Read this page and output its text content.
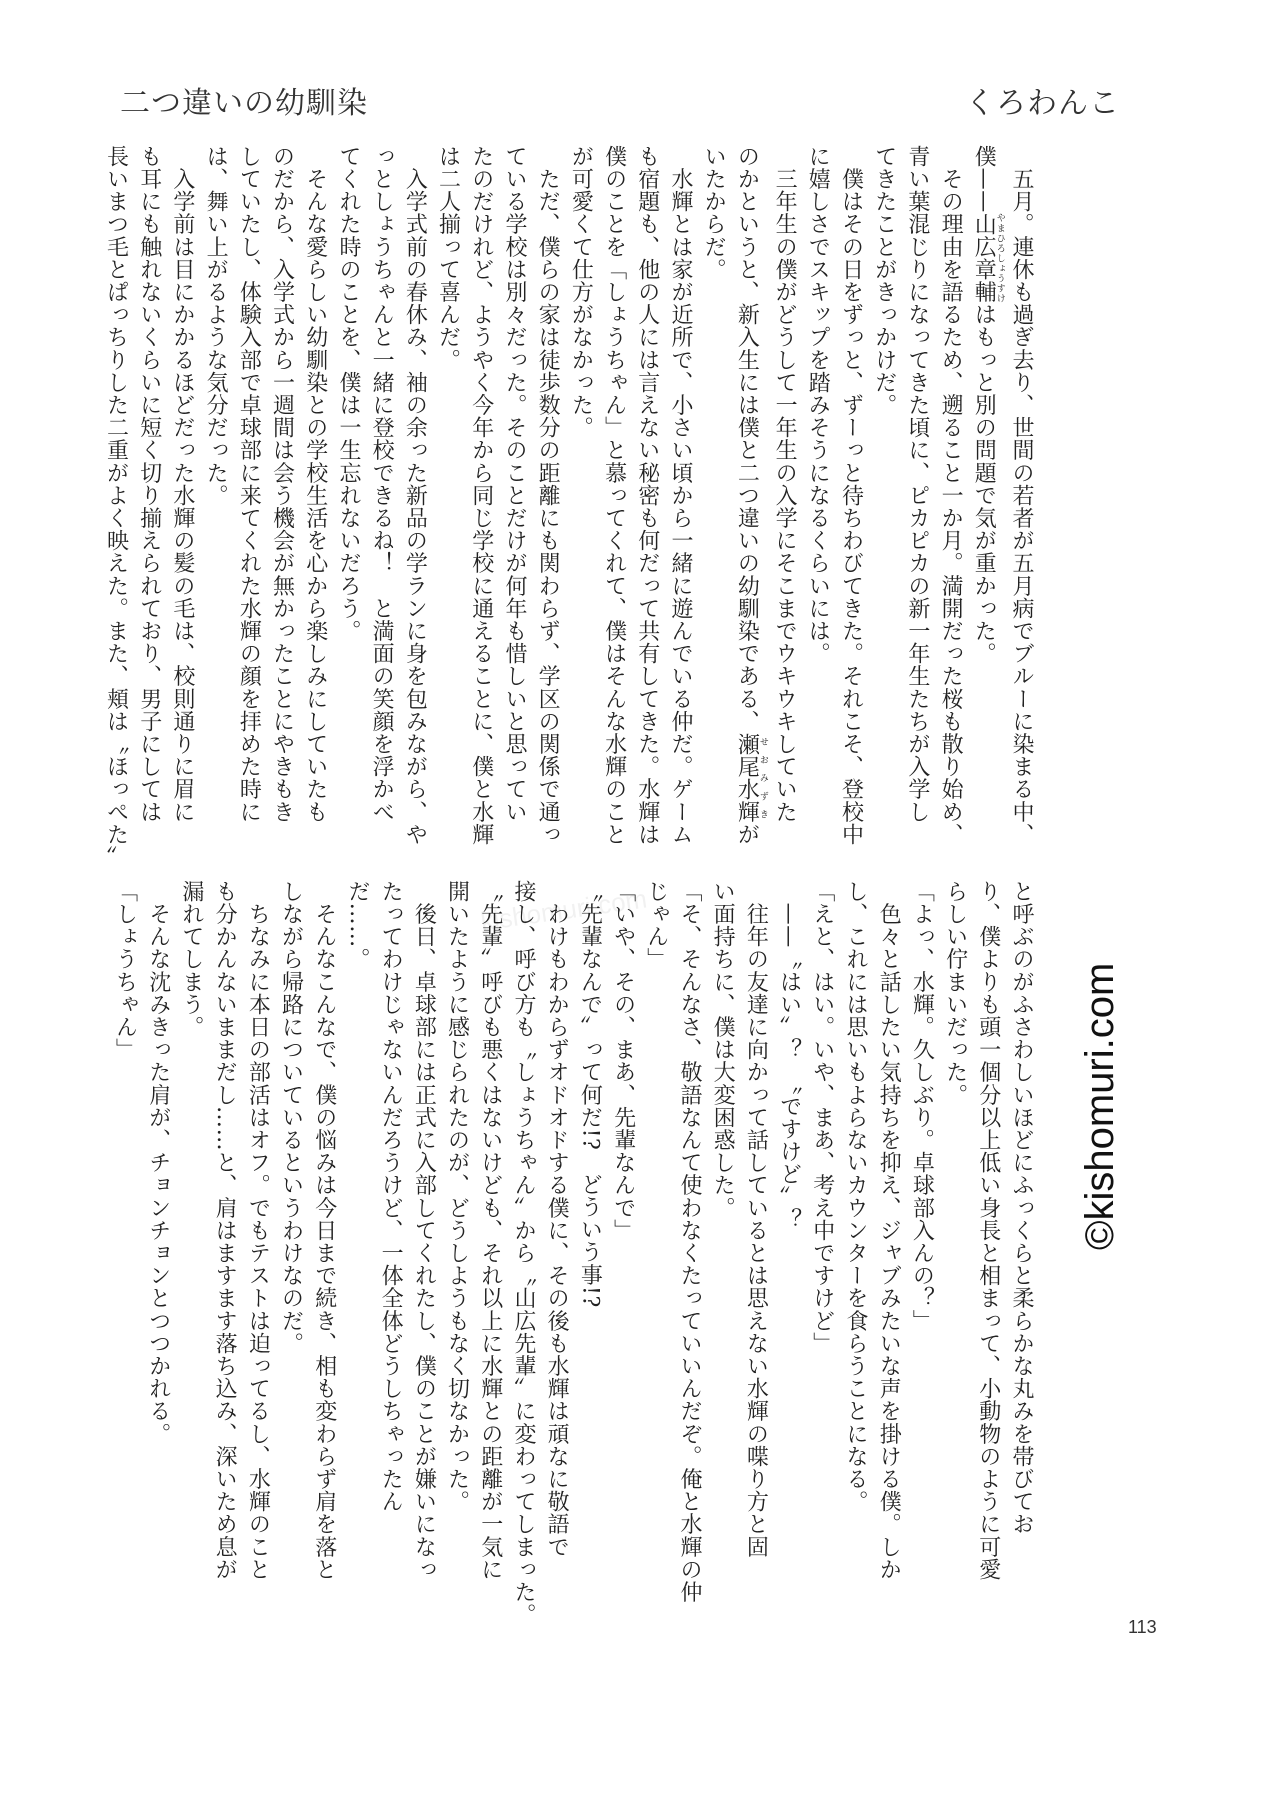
二つ違いの幼馴染	くろわんこ
　五月。連休も過ぎ去り、世間の若者が五月病でブルーに染まる中、
僕——山広章輔やまひろしょうすけはもっと別の問題で気が重かった。
　その理由を語るため、遡ること一か月。満開だった桜も散り始め、
青い葉混じりになってきた頃に、ピカピカの新一年生たちが入学し
てきたことがきっかけだ。
　僕はその日をずっと、ずーっと待ちわびてきた。それこそ、登校中
に嬉しさでスキップを踏みそうになるくらいには。
　三年生の僕がどうして一年生の入学にそこまでウキウキしていた
のかというと、新入生には僕と二つ違いの幼馴染である、瀬尾水輝せおみずきが
いたからだ。
　水輝とは家が近所で、小さい頃から一緒に遊んでいる仲だ。ゲーム
も宿題も、他の人には言えない秘密も何だって共有してきた。水輝は
僕のことを「しょうちゃん」と慕ってくれて、僕はそんな水輝のこと
が可愛くて仕方がなかった。
　ただ、僕らの家は徒歩数分の距離にも関わらず、学区の関係で通っ
ている学校は別々だった。そのことだけが何年も惜しいと思ってい
たのだけれど、ようやく今年から同じ学校に通えることに、僕と水輝
は二人揃って喜んだ。
　入学式前の春休み、袖の余った新品の学ランに身を包みながら、や
っとしょうちゃんと一緒に登校できるね！　と満面の笑顔を浮かべ
てくれた時のことを、僕は一生忘れないだろう。
　そんな愛らしい幼馴染との学校生活を心から楽しみにしていたも
のだから、入学式から一週間は会う機会が無かったことにやきもき
していたし、体験入部で卓球部に来てくれた水輝の顔を拝めた時に
は、舞い上がるような気分だった。
　入学前は目にかかるほどだった水輝の髪の毛は、校則通りに眉に
も耳にも触れないくらいに短く切り揃えられており、男子にしては
長いまつ毛とぱっちりした二重がよく映えた。また、頬は〝ほっぺた〟
と呼ぶのがふさわしいほどにふっくらと柔らかな丸みを帯びてお
り、僕よりも頭一個分以上低い身長と相まって、小動物のように可愛
らしい佇まいだった。
「よっ、水輝。久しぶり。卓球部入んの？」
　色々と話したい気持ちを抑え、ジャブみたいな声を掛ける僕。しか
し、これには思いもよらないカウンターを食らうことになる。
「えと、はい。いや、まあ、考え中ですけど」
　——〝はい〟？　〝ですけど〟？
　往年の友達に向かって話しているとは思えない水輝の喋り方と固
い面持ちに、僕は大変困惑した。
「そ、そんなさ、敬語なんて使わなくたっていいんだぞ。俺と水輝の仲
じゃん」
「いや、その、まあ、先輩なんで」
〝先輩なんで〟って何だ!?　どういう事!?
　わけもわからずオドオドする僕に、その後も水輝は頑なに敬語で
接し、呼び方も〝しょうちゃん〟から〝山広先輩〟に変わってしまった。
〝先輩〟呼びも悪くはないけども、それ以上に水輝との距離が一気に
開いたように感じられたのが、どうしようもなく切なかった。
　後日、卓球部には正式に入部してくれたし、僕のことが嫌いになっ
たってわけじゃないんだろうけど、一体全体どうしちゃったん
だ……。
　そんなこんなで、僕の悩みは今日まで続き、相も変わらず肩を落と
しながら帰路についているというわけなのだ。
　ちなみに本日の部活はオフ。でもテストは迫ってるし、水輝のこと
も分かんないままだし……と、肩はますます落ち込み、深いため息が
漏れてしまう。
　そんな沈みきった肩が、チョンチョンとつつかれる。
「しょうちゃん」	kishomuri.com
113
©kishomuri.com
